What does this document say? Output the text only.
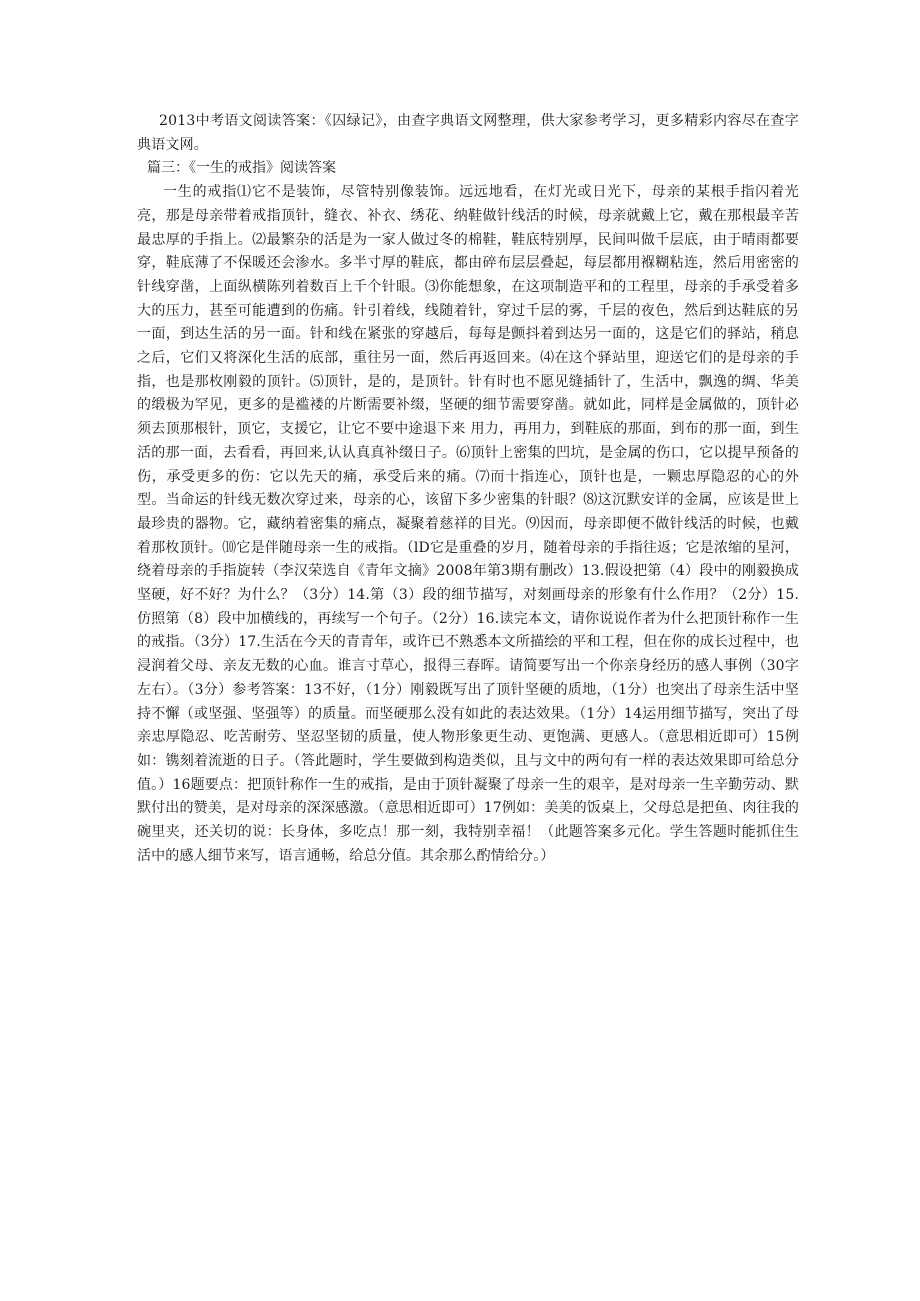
2013中考语文阅读答案：《囚绿记》，由查字典语文网整理，供大家参考学习，更多精彩内容尽在查字典语文网。

篇三：《一生的戒指》阅读答案

一生的戒指⑴它不是装饰，尽管特别像装饰。远远地看，在灯光或日光下，母亲的某根手指闪着光亮，那是母亲带着戒指顶针，缝衣、补衣、绣花、纳鞋做针线活的时候，母亲就戴上它，戴在那根最辛苦最忠厚的手指上。⑵最繁杂的活是为一家人做过冬的棉鞋，鞋底特别厚，民间叫做千层底，由于晴雨都要穿，鞋底薄了不保暖还会渗水。多半寸厚的鞋底，都由碎布层层叠起，每层都用褓糊粘连，然后用密密的针线穿凿，上面纵横陈列着数百上千个针眼。⑶你能想象，在这项制造平和的工程里，母亲的手承受着多大的压力，甚至可能遭到的伤痛。针引着线，线随着针，穿过千层的雾，千层的夜色，然后到达鞋底的另一面，到达生活的另一面。针和线在紧张的穿越后，每每是颤抖着到达另一面的，这是它们的驿站，稍息之后，它们又将深化生活的底部，重往另一面，然后再返回来。⑷在这个驿站里，迎送它们的是母亲的手指，也是那枚刚毅的顶针。⑸顶针，是的，是顶针。针有时也不愿见缝插针了，生活中，飘逸的绸、华美的缎极为罕见，更多的是褴褛的片断需要补缀，坚硬的细节需要穿凿。就如此，同样是金属做的，顶针必须去顶那根针，顶它，支援它，让它不要中途退下来 用力，再用力，到鞋底的那面，到布的那一面，到生活的那一面，去看看，再回来,认认真真补缀日子。⑹顶针上密集的凹坑，是金属的伤口，它以提早预备的伤，承受更多的伤：它以先天的痛，承受后来的痛。⑺而十指连心，顶针也是，一颗忠厚隐忍的心的外型。当命运的针线无数次穿过来，母亲的心，该留下多少密集的针眼？⑻这沉默安详的金属，应该是世上最珍贵的器物。它，藏纳着密集的痛点，凝聚着慈祥的目光。⑼因而，母亲即便不做针线活的时候，也戴着那枚顶针。⑽它是伴随母亲一生的戒指。（lD它是重叠的岁月，随着母亲的手指往返；它是浓缩的星河，绕着母亲的手指旋转（李汉荣选自《青年文摘》2008年第3期有删改）13.假设把第（4）段中的刚毅换成坚硬，好不好？为什么？（3分）14.第（3）段的细节描写，对刻画母亲的形象有什么作用？（2分）15.仿照第（8）段中加横线的，再续写一个句子。（2分）16.读完本文，请你说说作者为什么把顶针称作一生的戒指。（3分）17.生活在今天的青青年，或许已不熟悉本文所描绘的平和工程，但在你的成长过程中，也浸润着父母、亲友无数的心血。谁言寸草心，报得三春晖。请简要写出一个你亲身经历的感人事例（30字左右）。（3分）参考答案：13不好，（1分）刚毅既写出了顶针坚硬的质地，（1分）也突出了母亲生活中坚持不懈（或坚强、坚强等）的质量。而坚硬那么没有如此的表达效果。（1分）14运用细节描写，突出了母亲忠厚隐忍、吃苦耐劳、坚忍坚韧的质量，使人物形象更生动、更饱满、更感人。（意思相近即可）15例如：镌刻着流逝的日子。（答此题时，学生要做到构造类似，且与文中的两句有一样的表达效果即可给总分值。）16题要点：把顶针称作一生的戒指，是由于顶针凝聚了母亲一生的艰辛，是对母亲一生辛勤劳动、默默付出的赞美，是对母亲的深深感激。（意思相近即可）17例如：美美的饭桌上，父母总是把鱼、肉往我的碗里夹，还关切的说：长身体，多吃点！那一刻，我特别幸福！（此题答案多元化。学生答题时能抓住生活中的感人细节来写，语言通畅，给总分值。其余那么酌情给分。）
